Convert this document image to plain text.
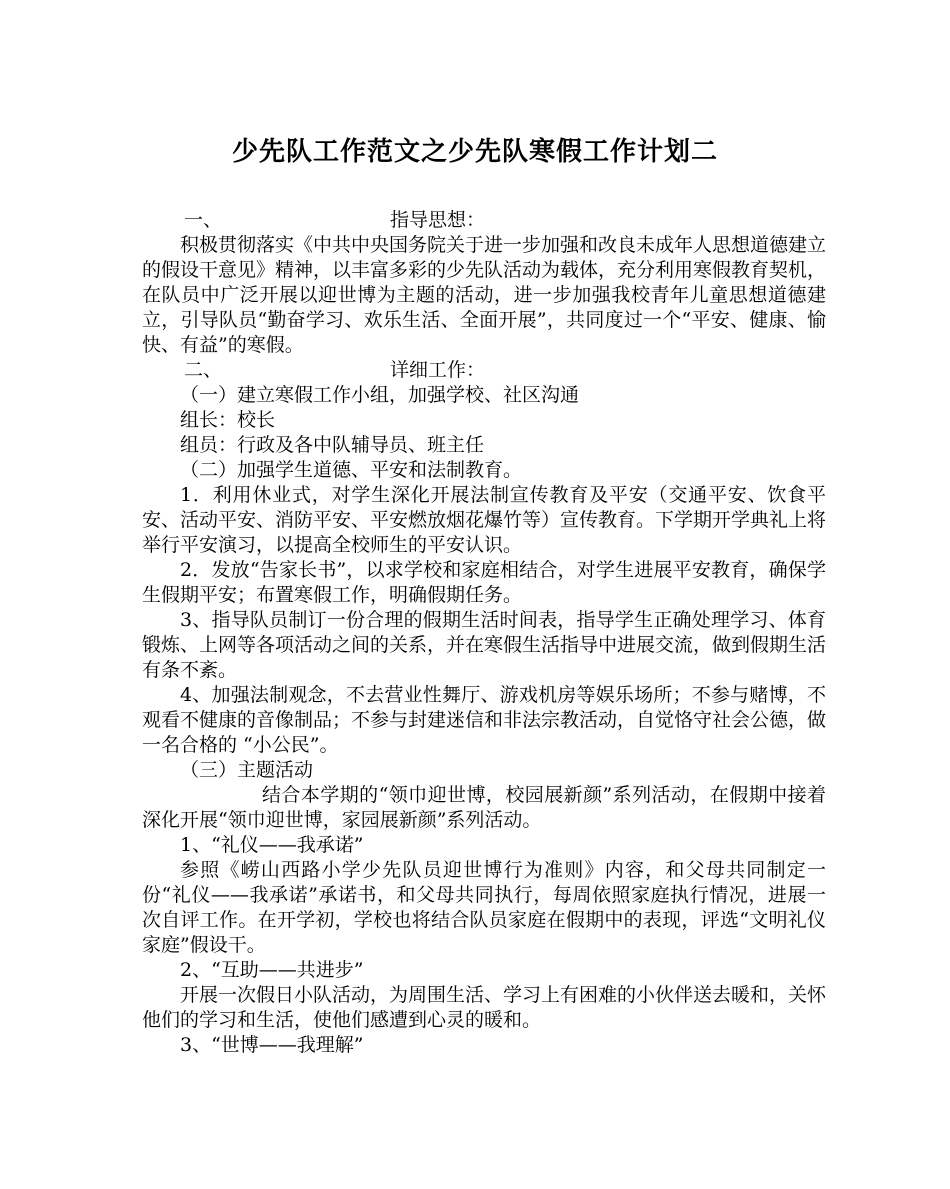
少先队工作范文之少先队寒假工作计划二
一、	指导思想：

积极贯彻落实《中共中央国务院关于进一步加强和改良未成年人思想道德建立的假设干意见》精神，以丰富多彩的少先队活动为载体，充分利用寒假教育契机，在队员中广泛开展以迎世博为主题的活动，进一步加强我校青年儿童思想道德建立，引导队员“勤奋学习、欢乐生活、全面开展”，共同度过一个“平安、健康、愉快、有益”的寒假。

二、	详细工作：

（一）建立寒假工作小组，加强学校、社区沟通

组长：校长

组员：行政及各中队辅导员、班主任

（二）加强学生道德、平安和法制教育。

1．利用休业式，对学生深化开展法制宣传教育及平安（交通平安、饮食平安、活动平安、消防平安、平安燃放烟花爆竹等）宣传教育。下学期开学典礼上将举行平安演习，以提高全校师生的平安认识。

2．发放“告家长书”，以求学校和家庭相结合，对学生进展平安教育，确保学生假期平安；布置寒假工作，明确假期任务。

3、指导队员制订一份合理的假期生活时间表，指导学生正确处理学习、体育锻炼、上网等各项活动之间的关系，并在寒假生活指导中进展交流，做到假期生活有条不紊。

4、加强法制观念，不去营业性舞厅、游戏机房等娱乐场所；不参与赌博，不观看不健康的音像制品；不参与封建迷信和非法宗教活动，自觉恪守社会公德，做一名合格的 “小公民”。

（三）主题活动

结合本学期的“领巾迎世博，校园展新颜”系列活动，在假期中接着深化开展“领巾迎世博，家园展新颜”系列活动。

1、“礼仪——我承诺”

参照《崂山西路小学少先队员迎世博行为准则》内容，和父母共同制定一份“礼仪——我承诺”承诺书，和父母共同执行，每周依照家庭执行情况，进展一次自评工作。在开学初，学校也将结合队员家庭在假期中的表现，评选“文明礼仪家庭”假设干。

2、“互助——共进步”

开展一次假日小队活动，为周围生活、学习上有困难的小伙伴送去暖和，关怀他们的学习和生活，使他们感遭到心灵的暖和。

3、“世博——我理解”
